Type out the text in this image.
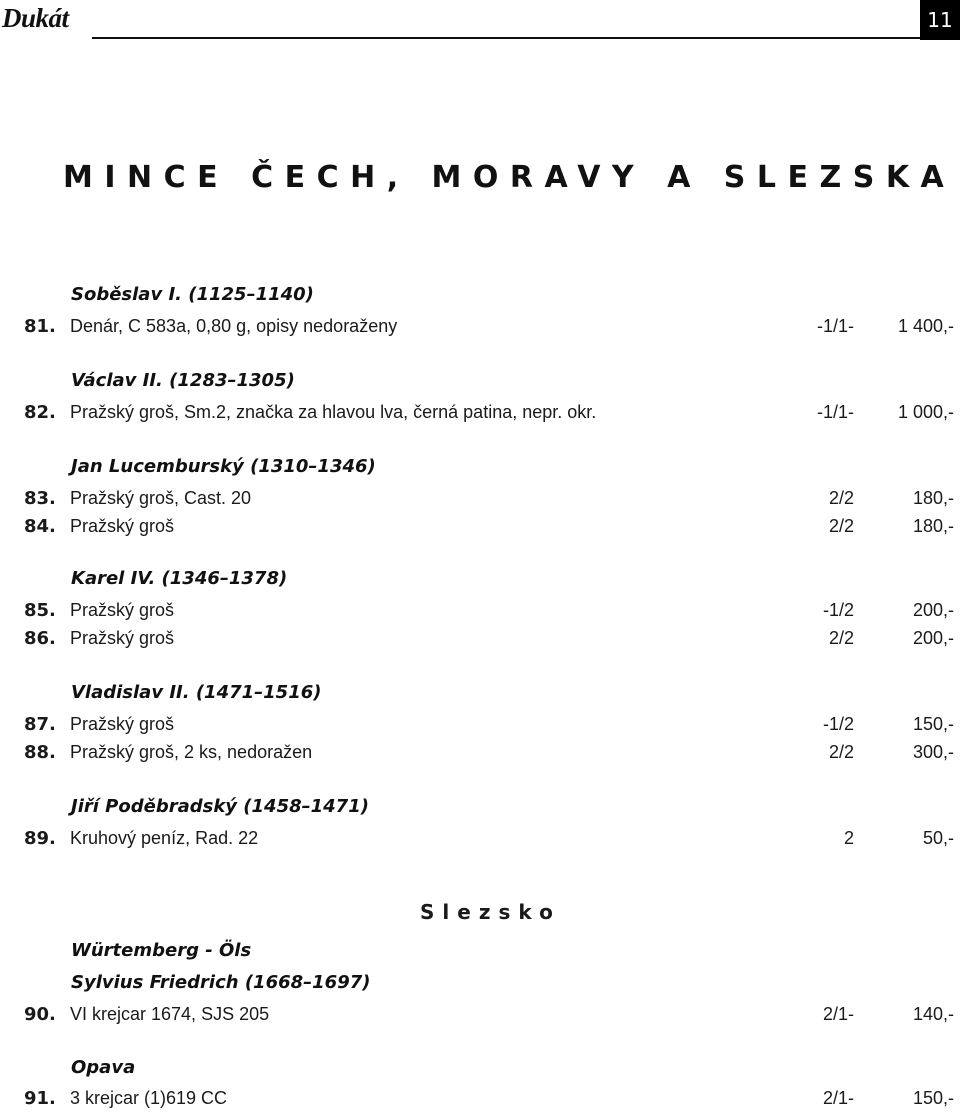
Dukát	11
MINCE ČECH, MORAVY A SLEZSKA
Soběslav I. (1125–1140)
81. Denár, C 583a, 0,80 g, opisy nedoraženy	-1/1- 1 400,-
Václav II. (1283–1305)
82. Pražský groš, Sm.2, značka za hlavou lva, černá patina, nepr. okr.	-1/1- 1 000,-
Jan Lucemburský (1310–1346)
83. Pražský groš, Cast. 20	2/2	180,-
84. Pražský groš	2/2	180,-
Karel IV. (1346–1378)
85. Pražský groš	-1/2	200,-
86. Pražský groš	2/2	200,-
Vladislav II. (1471–1516)
87. Pražský groš	-1/2	150,-
88. Pražský groš, 2 ks, nedoražen	2/2	300,-
Jiří Poděbradský (1458–1471)
89. Kruhový peníz, Rad. 22	2	50,-
Slezsko
Würtemberg - Öls
Sylvius Friedrich (1668–1697)
90. VI krejcar 1674, SJS 205	2/1-	140,-
Opava
91. 3 krejcar (1)619 CC	2/1-	150,-
